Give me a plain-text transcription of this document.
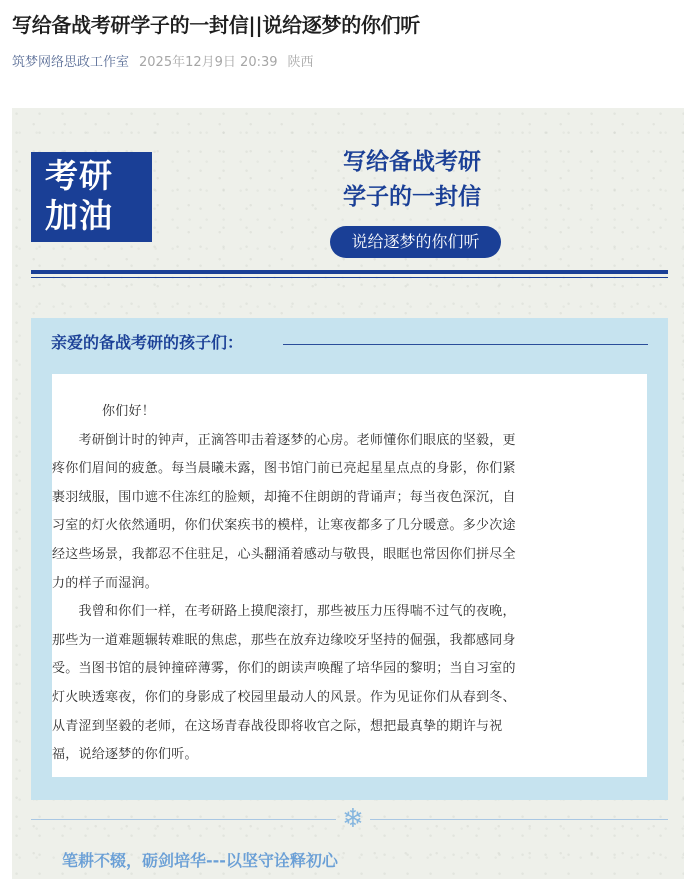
写给备战考研学子的一封信||说给逐梦的你们听
筑梦网络思政工作室 2025年12月9日 20:39 陕西
考研
加油
写给备战考研
学子的一封信
说给逐梦的你们听
亲爱的备战考研的孩子们：

你们好！

　　考研倒计时的钟声，正滴答叩击着逐梦的心房。老师懂你们眼底的坚毅，更

疼你们眉间的疲惫。每当晨曦未露，图书馆门前已亮起星星点点的身影，你们紧

裹羽绒服，围巾遮不住冻红的脸颊，却掩不住朗朗的背诵声；每当夜色深沉，自

习室的灯火依然通明，你们伏案疾书的模样，让寒夜都多了几分暖意。多少次途

经这些场景，我都忍不住驻足，心头翻涌着感动与敬畏，眼眶也常因你们拼尽全

力的样子而湿润。

　　我曾和你们一样，在考研路上摸爬滚打，那些被压力压得喘不过气的夜晚，

那些为一道难题辗转难眠的焦虑，那些在放弃边缘咬牙坚持的倔强，我都感同身

受。当图书馆的晨钟撞碎薄雾，你们的朗读声唤醒了培华园的黎明；当自习室的

灯火映透寒夜，你们的身影成了校园里最动人的风景。作为见证你们从春到冬、

从青涩到坚毅的老师，在这场青春战役即将收官之际，想把最真挚的期许与祝

福，说给逐梦的你们听。

❄
笔耕不辍，砺剑培华---以坚守诠释初心
